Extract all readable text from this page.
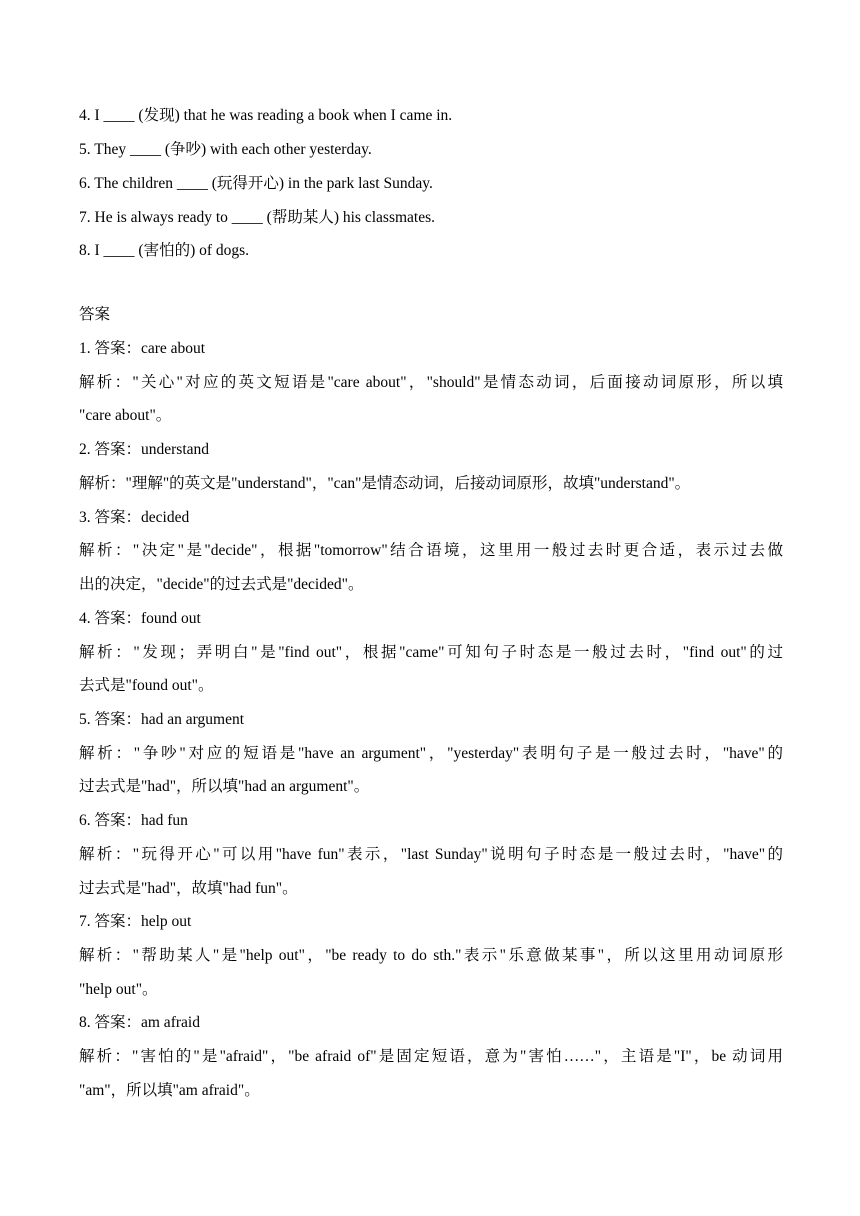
4. I ____ (发现) that he was reading a book when I came in.
5. They ____ (争吵) with each other yesterday.
6. The children ____ (玩得开心) in the park last Sunday.
7. He is always ready to ____ (帮助某人) his classmates.
8. I ____ (害怕的) of dogs.
答案
1. 答案：care about
解析："关心"对应的英文短语是"care about"，"should"是情态动词，后面接动词原形，所以填
"care about"。
2. 答案：understand
解析："理解"的英文是"understand"，"can"是情态动词，后接动词原形，故填"understand"。
3. 答案：decided
解析："决定"是"decide"，根据"tomorrow"结合语境，这里用一般过去时更合适，表示过去做
出的决定，"decide"的过去式是"decided"。
4. 答案：found out
解析："发现；弄明白"是"find out"，根据"came"可知句子时态是一般过去时，"find out"的过
去式是"found out"。
5. 答案：had an argument
解析："争吵"对应的短语是"have an argument"，"yesterday"表明句子是一般过去时，"have"的
过去式是"had"，所以填"had an argument"。
6. 答案：had fun
解析："玩得开心"可以用"have fun"表示，"last Sunday"说明句子时态是一般过去时，"have"的
过去式是"had"，故填"had fun"。
7. 答案：help out
解析："帮助某人"是"help out"，"be ready to do sth."表示"乐意做某事"，所以这里用动词原形
"help out"。
8. 答案：am afraid
解析："害怕的"是"afraid"，"be afraid of"是固定短语，意为"害怕……"，主语是"I"，be 动词用
"am"，所以填"am afraid"。
